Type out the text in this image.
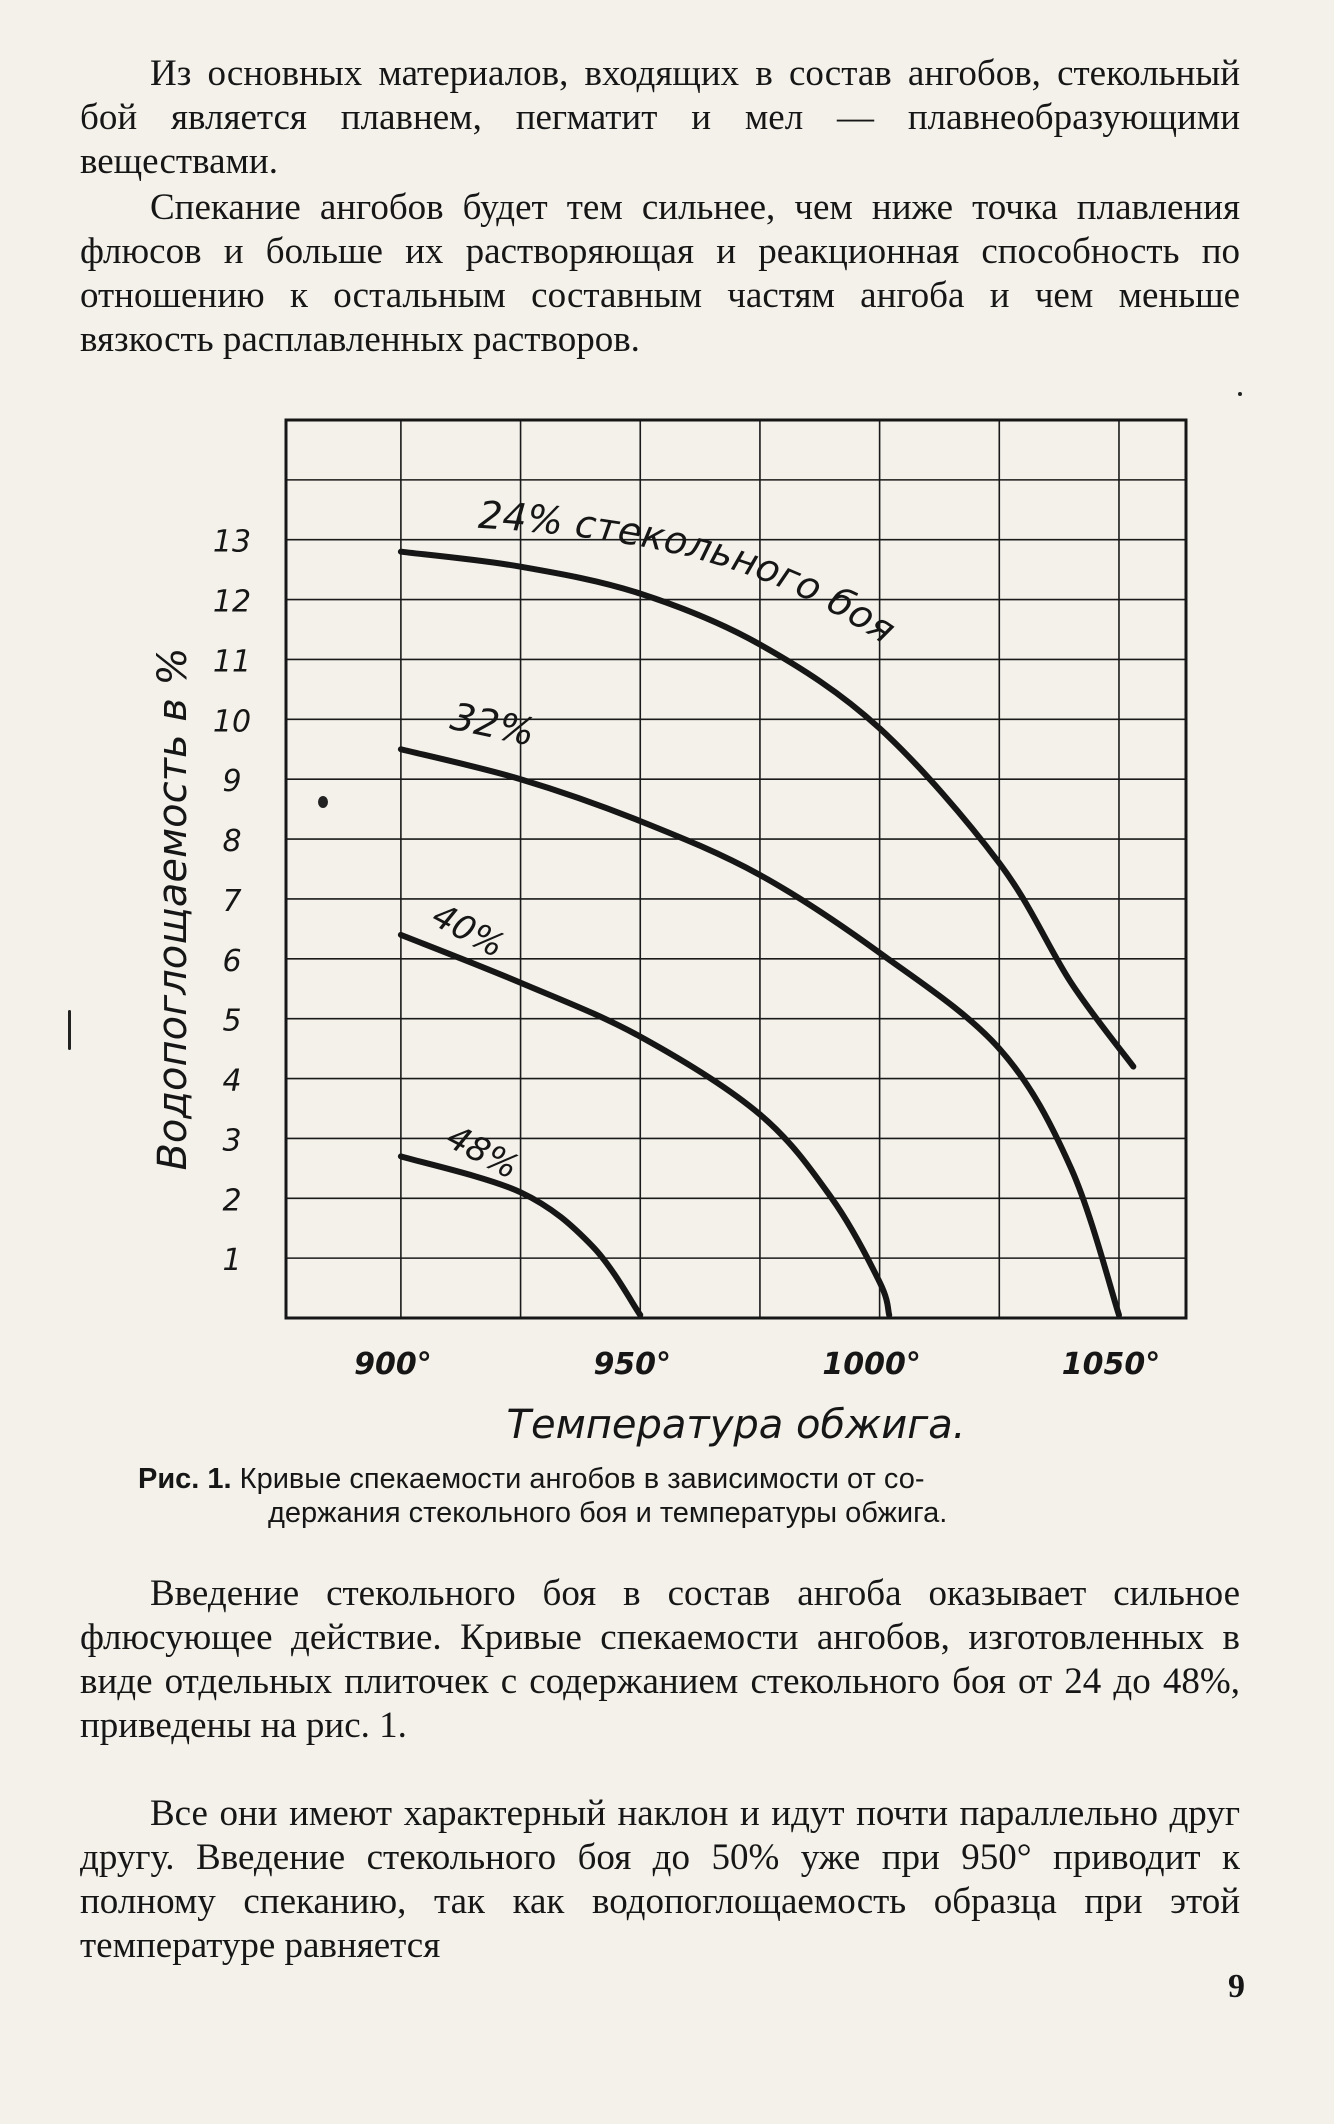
Из основных материалов, входящих в состав ангобов, стекольный бой является плавнем, пегматит и мел — плавнеобразующими веществами.

Спекание ангобов будет тем сильнее, чем ниже точка плавления флюсов и больше их растворяющая и реакционная способность по отношению к остальным составным частям ангоба и чем меньше вязкость расплавленных растворов.

24% стекольного боя
32%
40%
48%
1
2
3
4
5
6
7
8
9
10
11
12
13
900°	950°	1000°	1050°
Температура обжига.
Водопоглощаемость в %

Рис. 1. Кривые спекаемости ангобов в зависимости от со-
держания стекольного боя и температуры обжига.

Введение стекольного боя в состав ангоба оказывает сильное флюсующее действие. Кривые спекаемости ангобов, изготовленных в виде отдельных плиточек с содержанием стекольного боя от 24 до 48%, приведены на рис. 1.

Все они имеют характерный наклон и идут почти параллельно друг другу. Введение стекольного боя до 50% уже при 950° приводит к полному спеканию, так как водопоглощаемость образца при этой температуре равняется

9
